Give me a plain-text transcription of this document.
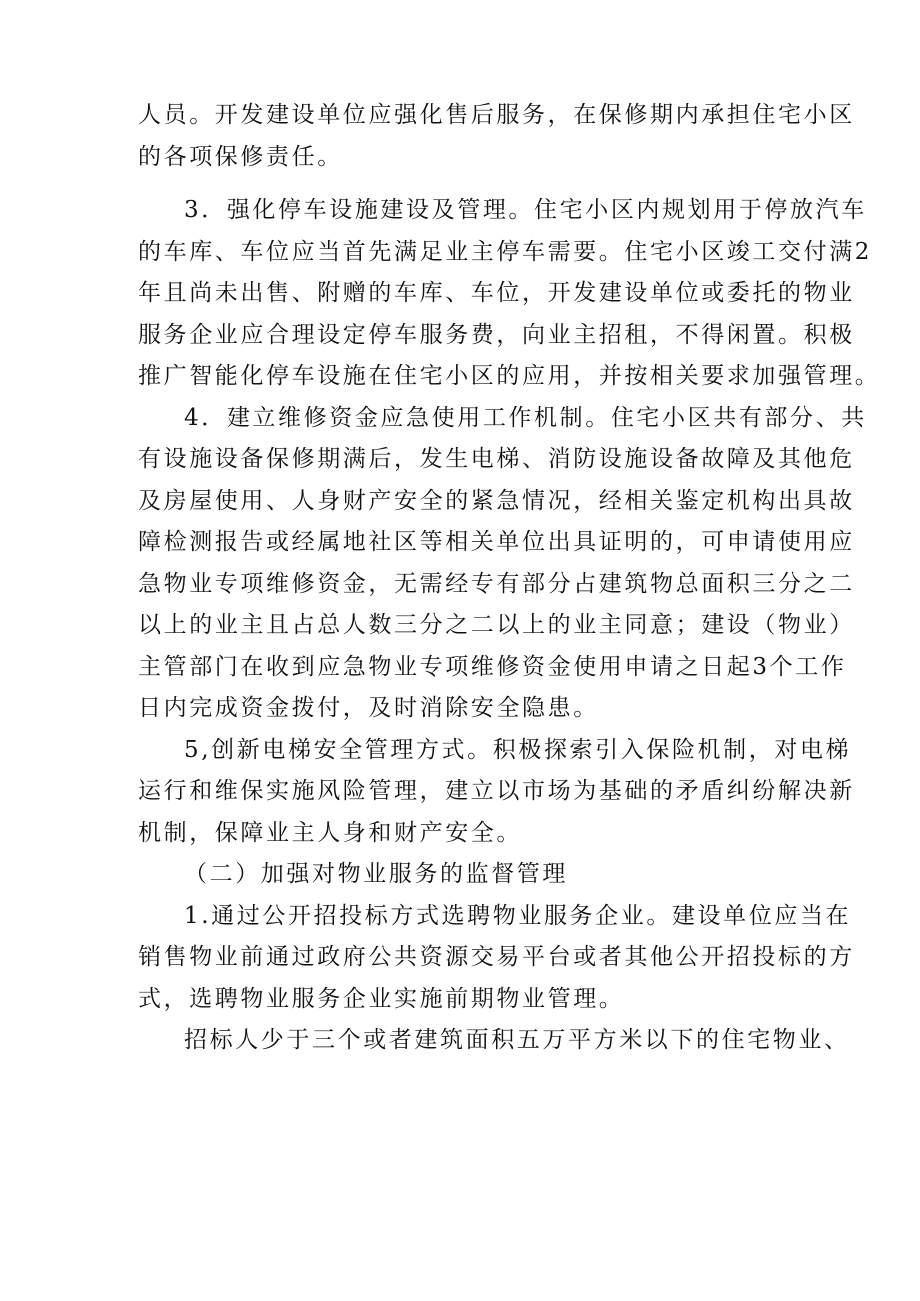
人员。开发建设单位应强化售后服务，在保修期内承担住宅小区
的各项保修责任。
3．强化停车设施建设及管理。住宅小区内规划用于停放汽车
的车库、车位应当首先满足业主停车需要。住宅小区竣工交付满2
年且尚未出售、附赠的车库、车位，开发建设单位或委托的物业
服务企业应合理设定停车服务费，向业主招租，不得闲置。积极
推广智能化停车设施在住宅小区的应用，并按相关要求加强管理。
4．建立维修资金应急使用工作机制。住宅小区共有部分、共
有设施设备保修期满后，发生电梯、消防设施设备故障及其他危
及房屋使用、人身财产安全的紧急情况，经相关鉴定机构出具故
障检测报告或经属地社区等相关单位出具证明的，可申请使用应
急物业专项维修资金，无需经专有部分占建筑物总面积三分之二
以上的业主且占总人数三分之二以上的业主同意；建设（物业）
主管部门在收到应急物业专项维修资金使用申请之日起3个工作
日内完成资金拨付，及时消除安全隐患。
5,创新电梯安全管理方式。积极探索引入保险机制，对电梯
运行和维保实施风险管理，建立以市场为基础的矛盾纠纷解决新
机制，保障业主人身和财产安全。
（二）加强对物业服务的监督管理
1.通过公开招投标方式选聘物业服务企业。建设单位应当在
销售物业前通过政府公共资源交易平台或者其他公开招投标的方
式，选聘物业服务企业实施前期物业管理。
招标人少于三个或者建筑面积五万平方米以下的住宅物业、
